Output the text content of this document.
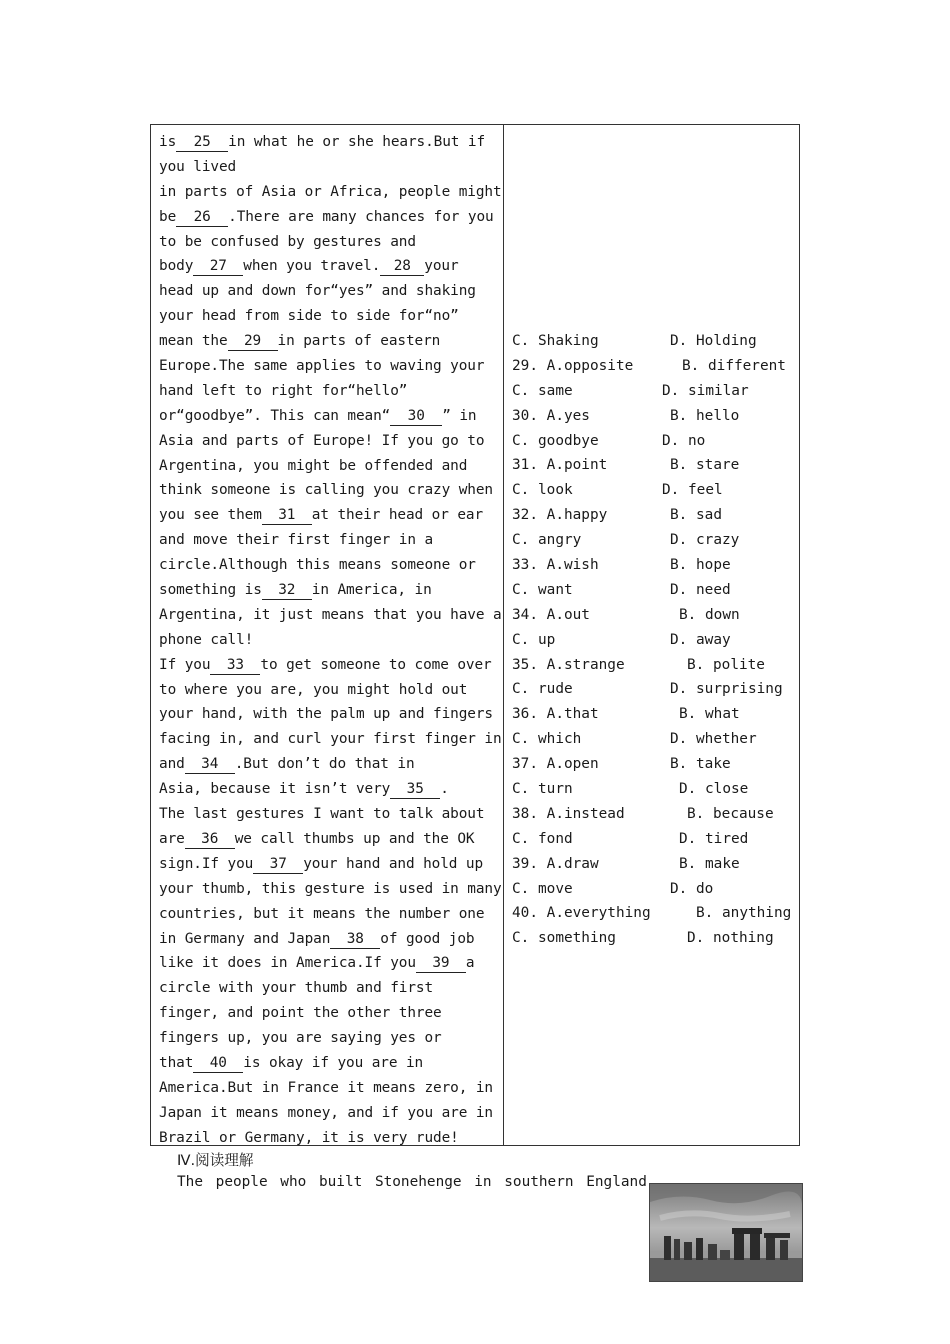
is 25 in what he or she hears.But if
you lived
in parts of Asia or Africa, people might
be 26 .There are many chances for you
to be confused by gestures and
body 27 when you travel. 28 your
head up and down for“yes” and shaking
your head from side to side for“no”
mean the 29 in parts of eastern
Europe.The same applies to waving your
hand left to right for“hello”
or“goodbye”. This can mean“ 30 ” in
Asia and parts of Europe! If you go to
Argentina, you might be offended and
think someone is calling you crazy when
you see them 31 at their head or ear
and move their first finger in a
circle.Although this means someone or
something is 32 in America, in
Argentina, it just means that you have a
phone call!
If you 33 to get someone to come over
to where you are, you might hold out
your hand, with the palm up and fingers
facing in, and curl your first finger in
and 34 .But don’t do that in
Asia, because it isn’t very 35 .
The last gestures I want to talk about
are 36 we call thumbs up and the OK
sign.If you 37 your hand and hold up
your thumb, this gesture is used in many
countries, but it means the number one
in Germany and Japan 38 of good job
like it does in America.If you 39 a
circle with your thumb and first
finger, and point the other three
fingers up, you are saying yes or
that 40 is okay if you are in
America.But in France it means zero, in
Japan it means money, and if you are in
Brazil or Germany, it is very rude!
C. Shaking	D. Holding
29. A.opposite	B. different
C. same	D. similar
30. A.yes	B. hello
C. goodbye	D. no
31. A.point	B. stare
C. look	D. feel
32. A.happy	B. sad
C. angry	D. crazy
33. A.wish	B. hope
C. want	D. need
34. A.out	B. down
C. up	D. away
35. A.strange	B. polite
C. rude	D. surprising
36. A.that	B. what
C. which	D. whether
37. A.open	B. take
C. turn	D. close
38. A.instead	B. because
C. fond	D. tired
39. A.draw	B. make
C. move	D. do
40. A.everything	B. anything
C. something	D. nothing
Ⅳ.阅读理解
The people who built Stonehenge in southern England
